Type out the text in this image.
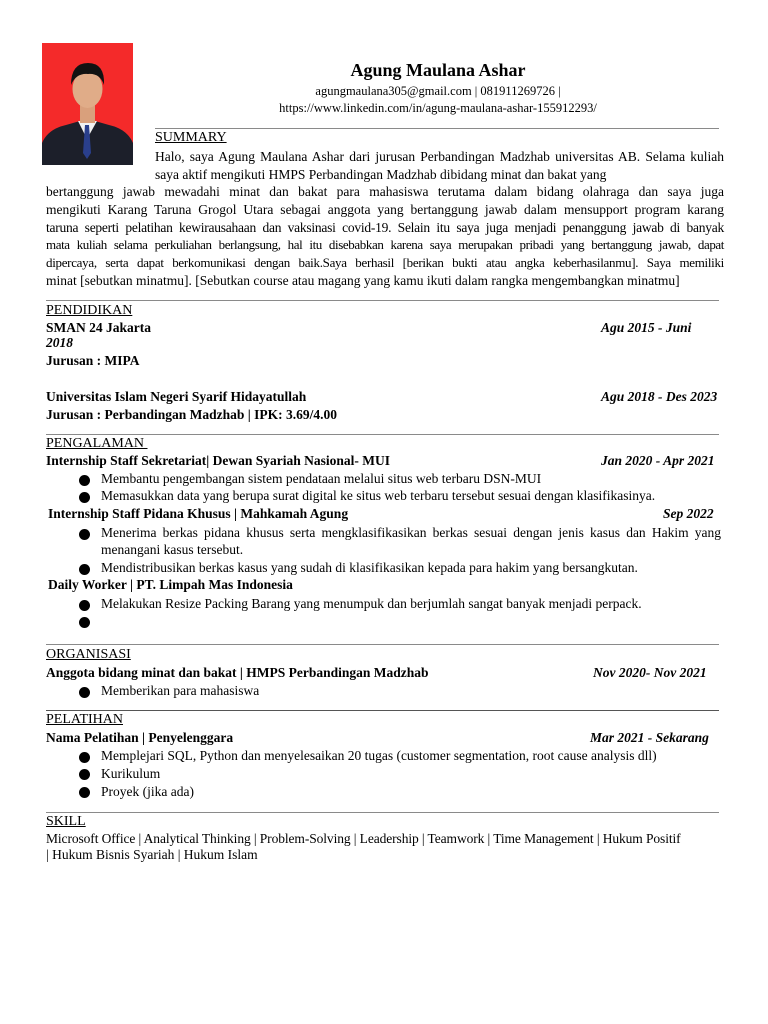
Agung Maulana Ashar
agungmaulana305@gmail.com | 081911269726 |
https://www.linkedin.com/in/agung-maulana-ashar-155912293/
SUMMARY
Halo, saya Agung Maulana Ashar dari jurusan Perbandingan Madzhab universitas AB. Selama kuliah saya aktif mengikuti HMPS Perbandingan Madzhab dibidang minat dan bakat yang
bertanggung jawab mewadahi minat dan bakat para mahasiswa terutama dalam bidang olahraga dan saya juga
mengikuti Karang Taruna Grogol Utara sebagai anggota yang bertanggung jawab dalam mensupport program karang
taruna seperti pelatihan kewirausahaan dan vaksinasi covid-19. Selain itu saya juga menjadi penanggung jawab di banyak
mata kuliah selama perkuliahan berlangsung, hal itu disebabkan karena saya merupakan pribadi yang bertanggung jawab, dapat
dipercaya, serta dapat berkomunikasi dengan baik.Saya berhasil [berikan bukti atau angka keberhasilanmu]. Saya memiliki
minat [sebutkan minatmu]. [Sebutkan course atau magang yang kamu ikuti dalam rangka mengembangkan minatmu]
PENDIDIKAN
SMAN 24 Jakarta	Agu 2015 - Juni
2018
Jurusan : MIPA
Universitas Islam Negeri Syarif Hidayatullah	Agu 2018 - Des 2023
Jurusan : Perbandingan Madzhab | IPK: 3.69/4.00
PENGALAMAN
Internship Staff Sekretariat| Dewan Syariah Nasional- MUI	Jan 2020 - Apr 2021
Membantu pengembangan sistem pendataan melalui situs web terbaru DSN-MUI
Memasukkan data yang berupa surat digital ke situs web terbaru tersebut sesuai dengan klasifikasinya.
Internship Staff Pidana Khusus | Mahkamah Agung	Sep 2022
Menerima berkas pidana khusus serta mengklasifikasikan berkas sesuai dengan jenis kasus dan Hakim yang
menangani kasus tersebut.
Mendistribusikan berkas kasus yang sudah di klasifikasikan kepada para hakim yang bersangkutan.
Daily Worker | PT. Limpah Mas Indonesia
Melakukan Resize Packing Barang yang menumpuk dan berjumlah sangat banyak menjadi perpack.
ORGANISASI
Anggota bidang minat dan bakat | HMPS Perbandingan Madzhab	Nov 2020- Nov 2021
Memberikan para mahasiswa
PELATIHAN
Nama Pelatihan | Penyelenggara	Mar 2021 - Sekarang
Memplejari SQL, Python dan menyelesaikan 20 tugas (customer segmentation, root cause analysis dll)
Kurikulum
Proyek (jika ada)
SKILL
Microsoft Office | Analytical Thinking | Problem-Solving | Leadership | Teamwork | Time Management | Hukum Positif
| Hukum Bisnis Syariah | Hukum Islam
